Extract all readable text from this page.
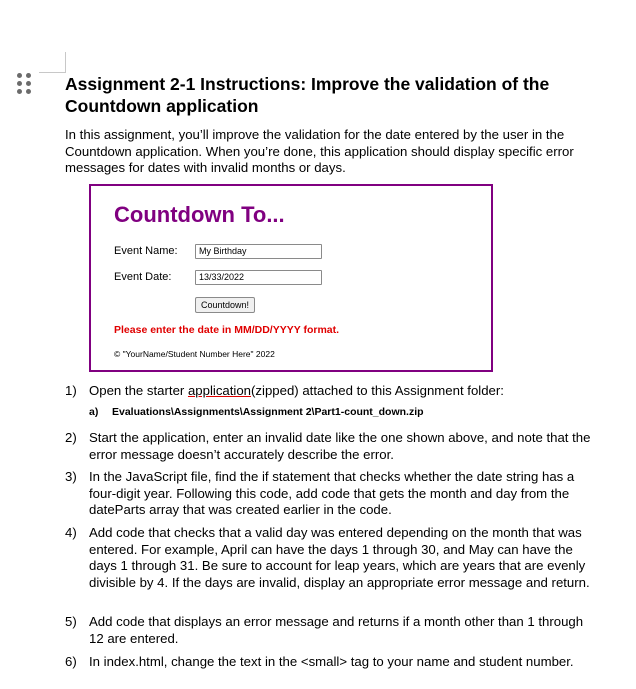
Assignment 2-1 Instructions: Improve the validation of the Countdown application

In this assignment, you’ll improve the validation for the date entered by the user in the Countdown application. When you’re done, this application should display specific error messages for dates with invalid months or days.

Countdown To...
Event Name:	My Birthday
Event Date:	13/33/2022
Countdown!
Please enter the date in MM/DD/YYYY format.
© "YourName/Student Number Here" 2022
1) Open the starter application(zipped) attached to this Assignment folder:
a) Evaluations\Assignments\Assignment 2\Part1-count_down.zip
2) Start the application, enter an invalid date like the one shown above, and note that the error message doesn’t accurately describe the error.
3) In the JavaScript file, find the if statement that checks whether the date string has a four-digit year. Following this code, add code that gets the month and day from the dateParts array that was created earlier in the code.
4) Add code that checks that a valid day was entered depending on the month that was entered. For example, April can have the days 1 through 30, and May can have the days 1 through 31. Be sure to account for leap years, which are years that are evenly divisible by 4. If the days are invalid, display an appropriate error message and return.
5) Add code that displays an error message and returns if a month other than 1 through 12 are entered.
6) In index.html, change the text in the <small> tag to your name and student number.
